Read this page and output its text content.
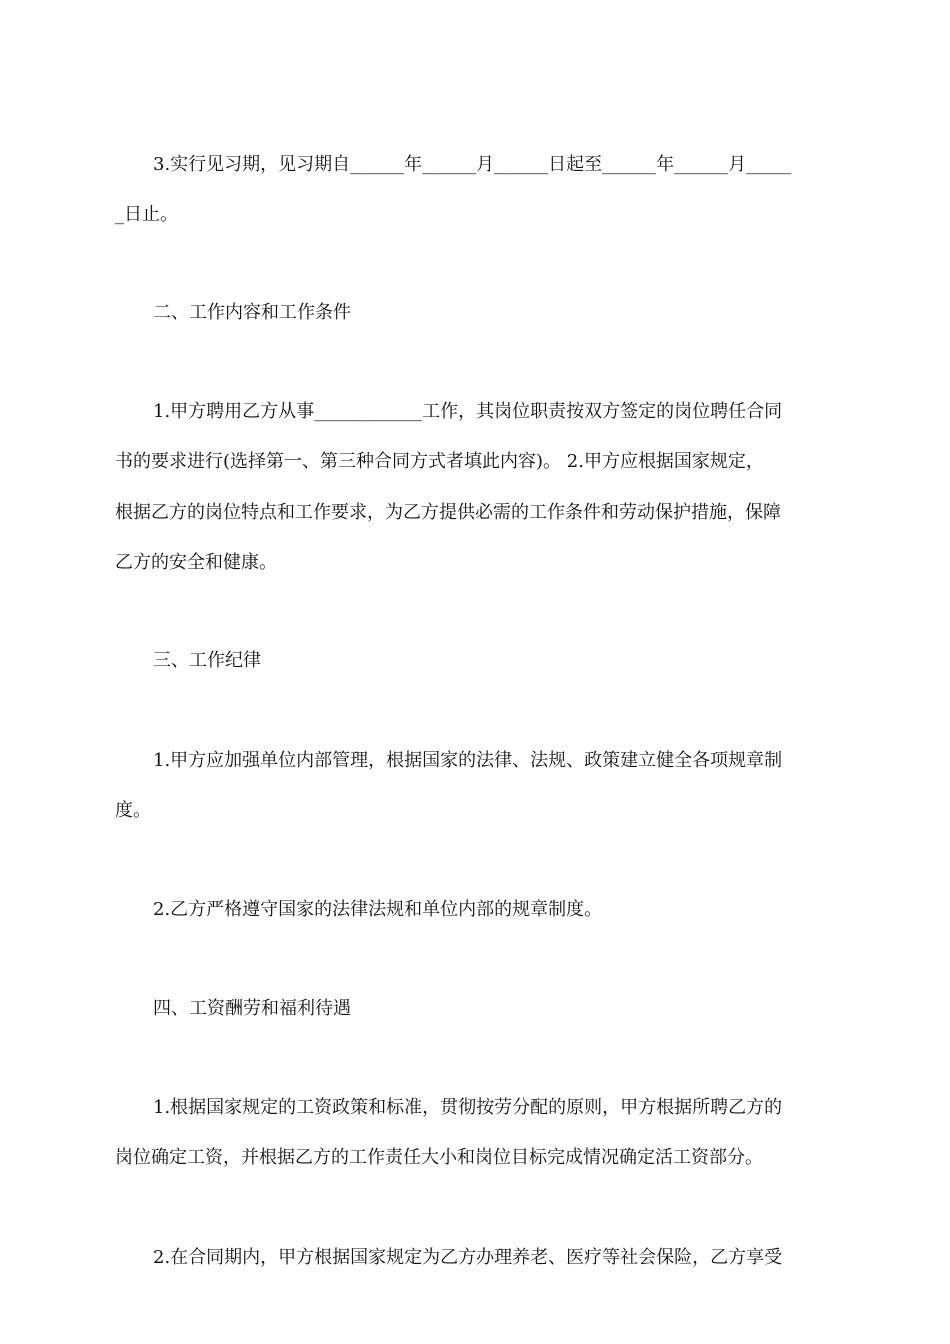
3.实行见习期，见习期自______年______月______日起至______年______月_____
_日止。
二、工作内容和工作条件
1.甲方聘用乙方从事____________工作，其岗位职责按双方签定的岗位聘任合同
书的要求进行(选择第一、第三种合同方式者填此内容)。 2.甲方应根据国家规定，
根据乙方的岗位特点和工作要求，为乙方提供必需的工作条件和劳动保护措施，保障
乙方的安全和健康。
三、工作纪律
1.甲方应加强单位内部管理，根据国家的法律、法规、政策建立健全各项规章制
度。
2.乙方严格遵守国家的法律法规和单位内部的规章制度。
四、工资酬劳和福利待遇
1.根据国家规定的工资政策和标准，贯彻按劳分配的原则，甲方根据所聘乙方的
岗位确定工资，并根据乙方的工作责任大小和岗位目标完成情况确定活工资部分。
2.在合同期内，甲方根据国家规定为乙方办理养老、医疗等社会保险，乙方享受
